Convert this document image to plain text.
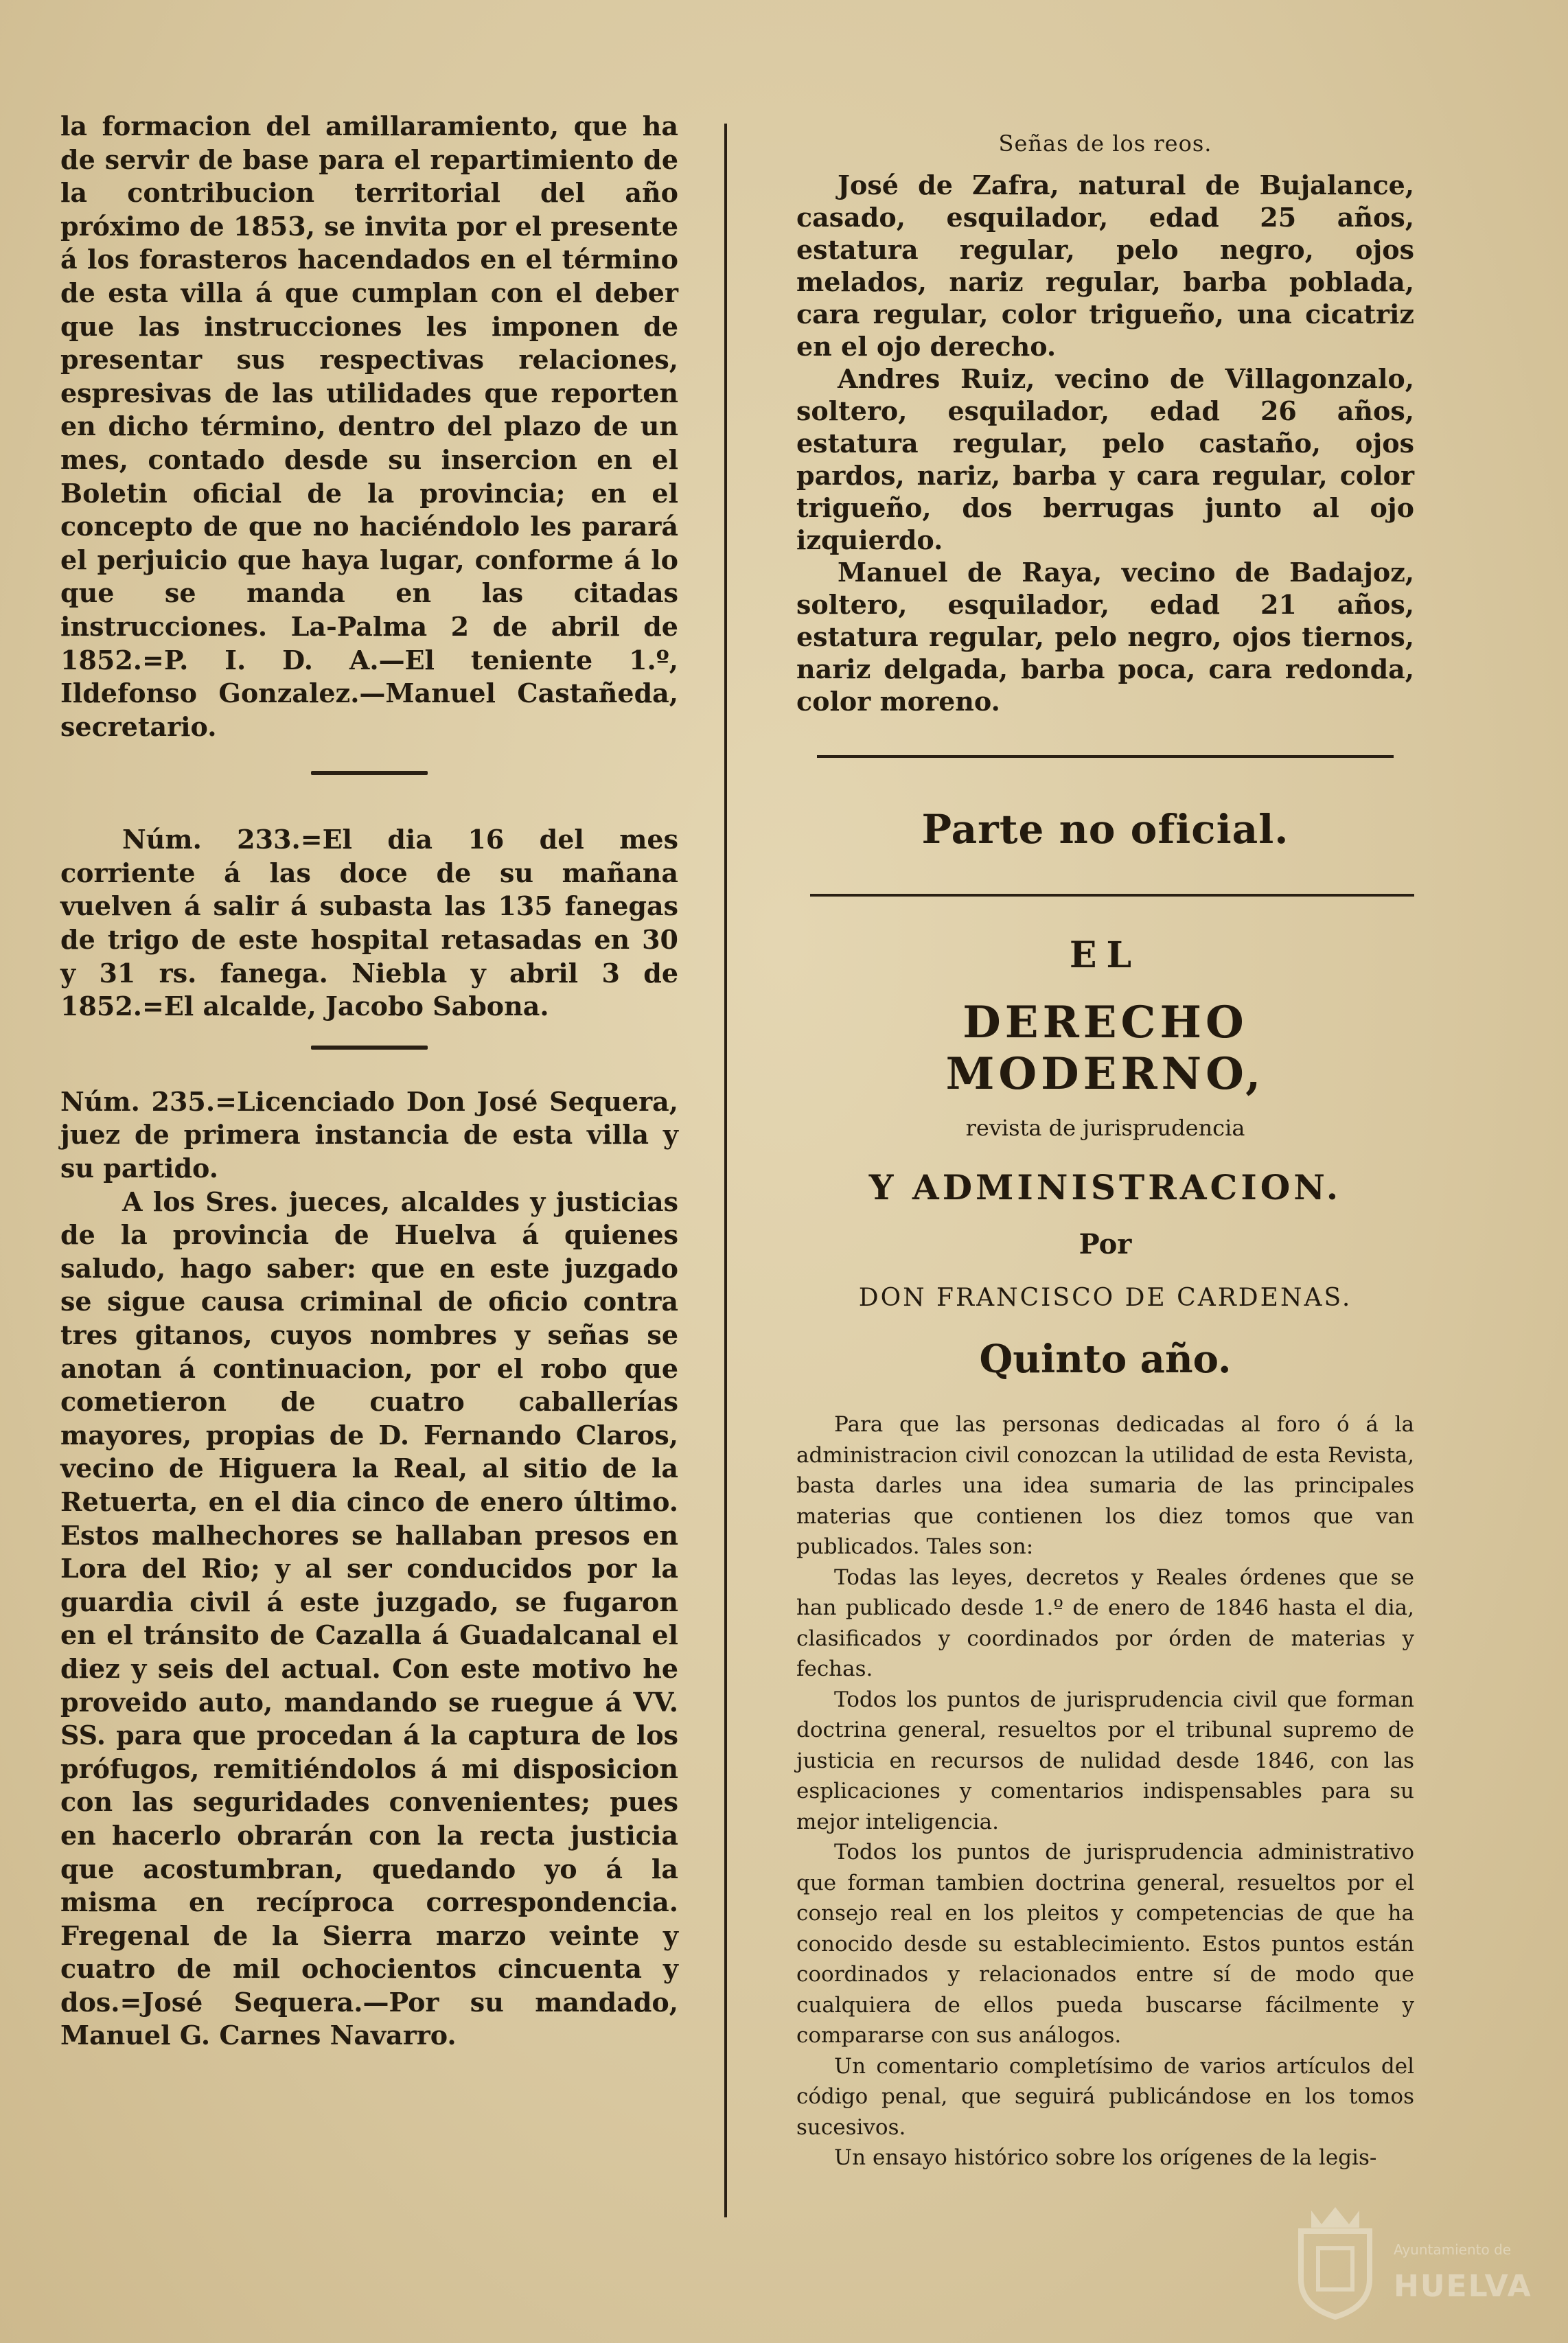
la formacion del amillaramiento, que ha de servir de base para el repartimiento de la contribucion territorial del año próximo de 1853, se invita por el presente á los forasteros hacendados en el término de esta villa á que cumplan con el deber que las instrucciones les imponen de presentar sus respectivas relaciones, espresivas de las utilidades que reporten en dicho término, dentro del plazo de un mes, contado desde su insercion en el Boletin oficial de la provincia; en el concepto de que no haciéndolo les parará el perjuicio que haya lugar, conforme á lo que se manda en las citadas instrucciones. La-Palma 2 de abril de 1852.=P. I. D. A.—El teniente 1.º, Ildefonso Gonzalez.—Manuel Castañeda, secretario.

Núm. 233.=El dia 16 del mes corriente á las doce de su mañana vuelven á salir á subasta las 135 fanegas de trigo de este hospital retasadas en 30 y 31 rs. fanega. Niebla y abril 3 de 1852.=El alcalde, Jacobo Sabona.

Núm. 235.=Licenciado Don José Sequera, juez de primera instancia de esta villa y su partido.

A los Sres. jueces, alcaldes y justicias de la provincia de Huelva á quienes saludo, hago saber: que en este juzgado se sigue causa criminal de oficio contra tres gitanos, cuyos nombres y señas se anotan á continuacion, por el robo que cometieron de cuatro caballerías mayores, propias de D. Fernando Claros, vecino de Higuera la Real, al sitio de la Retuerta, en el dia cinco de enero último. Estos malhechores se hallaban presos en Lora del Rio; y al ser conducidos por la guardia civil á este juzgado, se fugaron en el tránsito de Cazalla á Guadalcanal el diez y seis del actual. Con este motivo he proveido auto, mandando se ruegue á VV. SS. para que procedan á la captura de los prófugos, remitiéndolos á mi disposicion con las seguridades convenientes; pues en hacerlo obrarán con la recta justicia que acostumbran, quedando yo á la misma en recíproca correspondencia. Fregenal de la Sierra marzo veinte y cuatro de mil ochocientos cincuenta y dos.=José Sequera.—Por su mandado, Manuel G. Carnes Navarro.

Señas de los reos.

José de Zafra, natural de Bujalance, casado, esquilador, edad 25 años, estatura regular, pelo negro, ojos melados, nariz regular, barba poblada, cara regular, color trigueño, una cicatriz en el ojo derecho.

Andres Ruiz, vecino de Villagonzalo, soltero, esquilador, edad 26 años, estatura regular, pelo castaño, ojos pardos, nariz, barba y cara regular, color trigueño, dos berrugas junto al ojo izquierdo.

Manuel de Raya, vecino de Badajoz, soltero, esquilador, edad 21 años, estatura regular, pelo negro, ojos tiernos, nariz delgada, barba poca, cara redonda, color moreno.

Parte no oficial.
EL
DERECHO MODERNO,
revista de jurisprudencia
Y ADMINISTRACION.
Por
DON FRANCISCO DE CARDENAS.
Quinto año.

Para que las personas dedicadas al foro ó á la administracion civil conozcan la utilidad de esta Revista, basta darles una idea sumaria de las principales materias que contienen los diez tomos que van publicados. Tales son:

Todas las leyes, decretos y Reales órdenes que se han publicado desde 1.º de enero de 1846 hasta el dia, clasificados y coordinados por órden de materias y fechas.

Todos los puntos de jurisprudencia civil que forman doctrina general, resueltos por el tribunal supremo de justicia en recursos de nulidad desde 1846, con las esplicaciones y comentarios indispensables para su mejor inteligencia.

Todos los puntos de jurisprudencia administrativo que forman tambien doctrina general, resueltos por el consejo real en los pleitos y competencias de que ha conocido desde su establecimiento. Estos puntos están coordinados y relacionados entre sí de modo que cualquiera de ellos pueda buscarse fácilmente y compararse con sus análogos.

Un comentario completísimo de varios artículos del código penal, que seguirá publicándose en los tomos sucesivos.

Un ensayo histórico sobre los orígenes de la legis-

Ayuntamiento de
HUELVA
